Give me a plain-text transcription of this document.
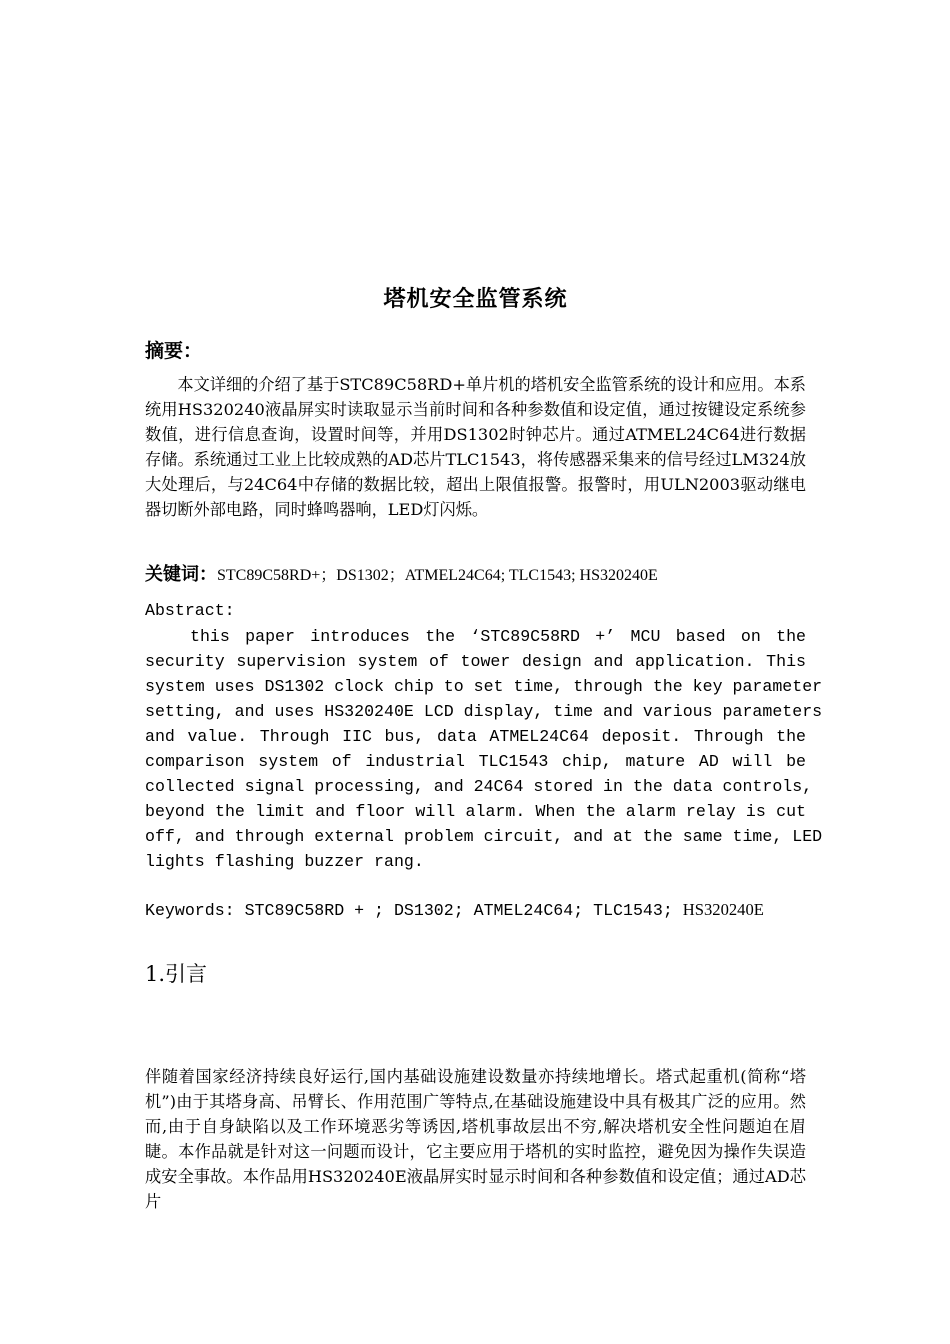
塔机安全监管系统
摘要：

本文详细的介绍了基于STC89C58RD+单片机的塔机安全监管系统的设计和应用。本系统用HS320240液晶屏实时读取显示当前时间和各种参数值和设定值，通过按键设定系统参数值，进行信息查询，设置时间等，并用DS1302时钟芯片。通过ATMEL24C64进行数据存储。系统通过工业上比较成熟的AD芯片TLC1543，将传感器采集来的信号经过LM324放大处理后，与24C64中存储的数据比较，超出上限值报警。报警时，用ULN2003驱动继电器切断外部电路，同时蜂鸣器响，LED灯闪烁。

关键词：STC89C58RD+；DS1302；ATMEL24C64; TLC1543; HS320240E
Abstract:
this paper introduces the ‘STC89C58RD +’ MCU based on the
security supervision system of tower design and application. This
system uses DS1302 clock chip to set time, through the key parameter
setting, and uses HS320240E LCD display, time and various parameters
and value. Through IIC bus, data ATMEL24C64 deposit. Through the
comparison system of industrial TLC1543 chip, mature AD will be
collected signal processing, and 24C64 stored in the data controls,
beyond the limit and floor will alarm. When the alarm relay is cut
off, and through external problem circuit, and at the same time, LED
lights flashing buzzer rang.
Keywords: STC89C58RD + ; DS1302; ATMEL24C64; TLC1543; HS320240E
1.引言

伴随着国家经济持续良好运行,国内基础设施建设数量亦持续地增长。塔式起重机(简称“塔机”)由于其塔身高、吊臂长、作用范围广等特点,在基础设施建设中具有极其广泛的应用。然而,由于自身缺陷以及工作环境恶劣等诱因,塔机事故层出不穷,解决塔机安全性问题迫在眉睫。本作品就是针对这一问题而设计，它主要应用于塔机的实时监控，避免因为操作失误造成安全事故。本作品用HS320240E液晶屏实时显示时间和各种参数值和设定值；通过AD芯片
